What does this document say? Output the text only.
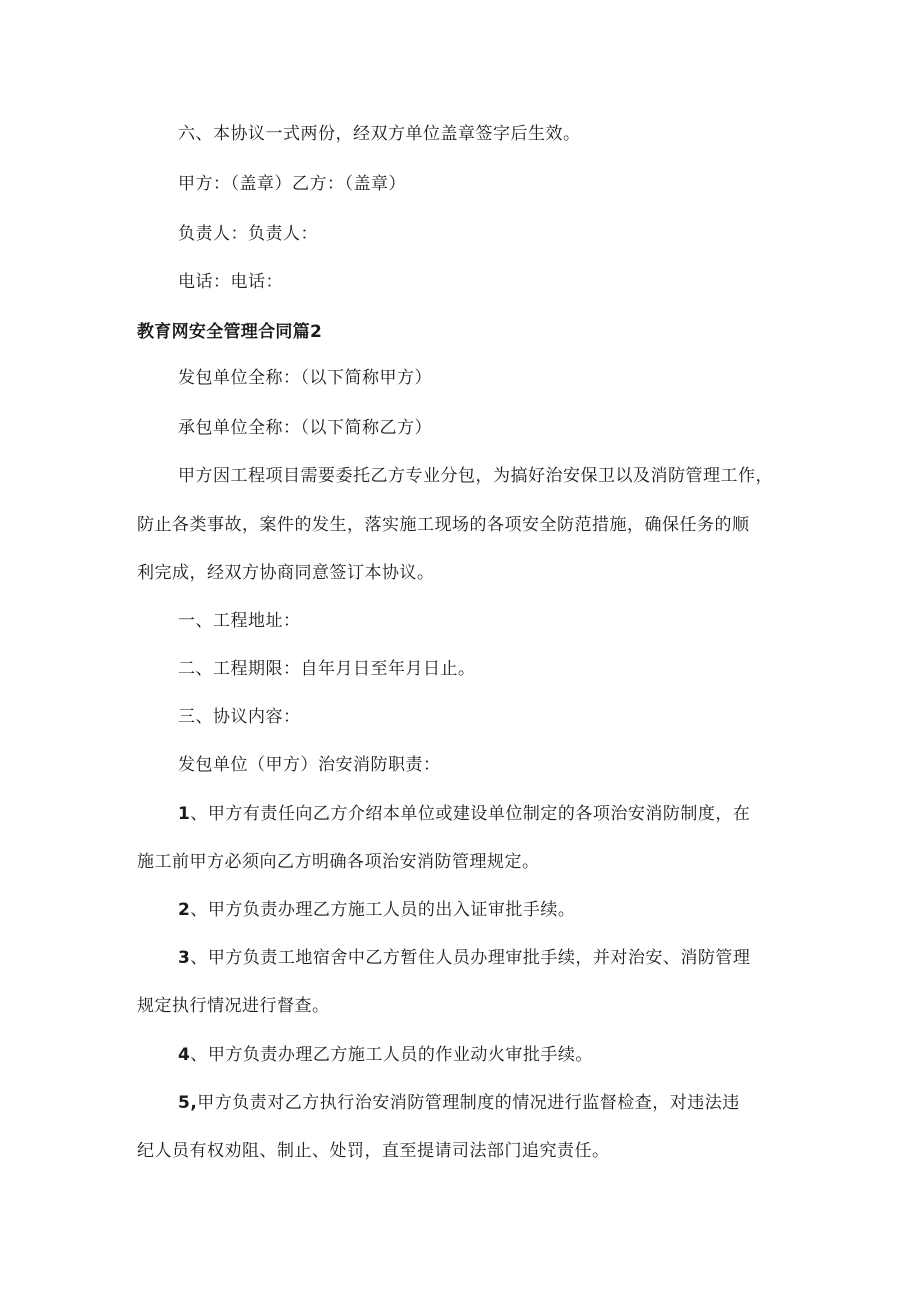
六、本协议一式两份，经双方单位盖章签字后生效。
甲方：（盖章）乙方：（盖章）
负责人：负责人：
电话：电话：
教育网安全管理合同篇2
发包单位全称：（以下简称甲方）
承包单位全称：（以下简称乙方）
甲方因工程项目需要委托乙方专业分包，为搞好治安保卫以及消防管理工作，
防止各类事故，案件的发生，落实施工现场的各项安全防范措施，确保任务的顺
利完成，经双方协商同意签订本协议。
一、工程地址：
二、工程期限：自年月日至年月日止。
三、协议内容：
发包单位（甲方）治安消防职责：
1、甲方有责任向乙方介绍本单位或建设单位制定的各项治安消防制度，在
施工前甲方必须向乙方明确各项治安消防管理规定。
2、甲方负责办理乙方施工人员的出入证审批手续。
3、甲方负责工地宿舍中乙方暂住人员办理审批手续，并对治安、消防管理
规定执行情况进行督查。
4、甲方负责办理乙方施工人员的作业动火审批手续。
5,甲方负责对乙方执行治安消防管理制度的情况进行监督检查，对违法违
纪人员有权劝阻、制止、处罚，直至提请司法部门追究责任。
